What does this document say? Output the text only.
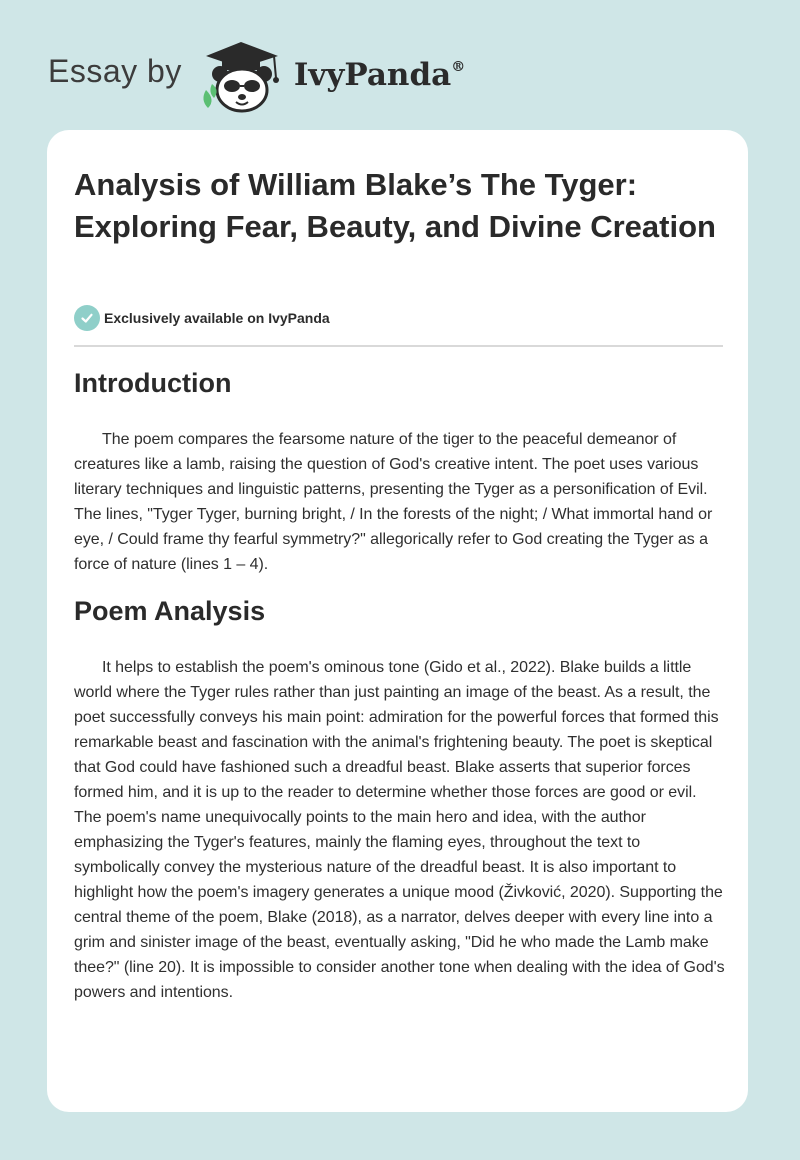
Essay by	IvyPanda®
Analysis of William Blake’s The Tyger: Exploring Fear, Beauty, and Divine Creation
Exclusively available on IvyPanda
Introduction

The poem compares the fearsome nature of the tiger to the peaceful demeanor of creatures like a lamb, raising the question of God's creative intent. The poet uses various literary techniques and linguistic patterns, presenting the Tyger as a personification of Evil. The lines, "Tyger Tyger, burning bright, / In the forests of the night; / What immortal hand or eye, / Could frame thy fearful symmetry?" allegorically refer to God creating the Tyger as a force of nature (lines 1 – 4).

Poem Analysis

It helps to establish the poem's ominous tone (Gido et al., 2022). Blake builds a little world where the Tyger rules rather than just painting an image of the beast. As a result, the poet successfully conveys his main point: admiration for the powerful forces that formed this remarkable beast and fascination with the animal's frightening beauty. The poet is skeptical that God could have fashioned such a dreadful beast. Blake asserts that superior forces formed him, and it is up to the reader to determine whether those forces are good or evil. The poem's name unequivocally points to the main hero and idea, with the author emphasizing the Tyger's features, mainly the flaming eyes, throughout the text to symbolically convey the mysterious nature of the dreadful beast. It is also important to highlight how the poem's imagery generates a unique mood (Živković, 2020). Supporting the central theme of the poem, Blake (2018), as a narrator, delves deeper with every line into a grim and sinister image of the beast, eventually asking, "Did he who made the Lamb make thee?" (line 20). It is impossible to consider another tone when dealing with the idea of God's powers and intentions.
